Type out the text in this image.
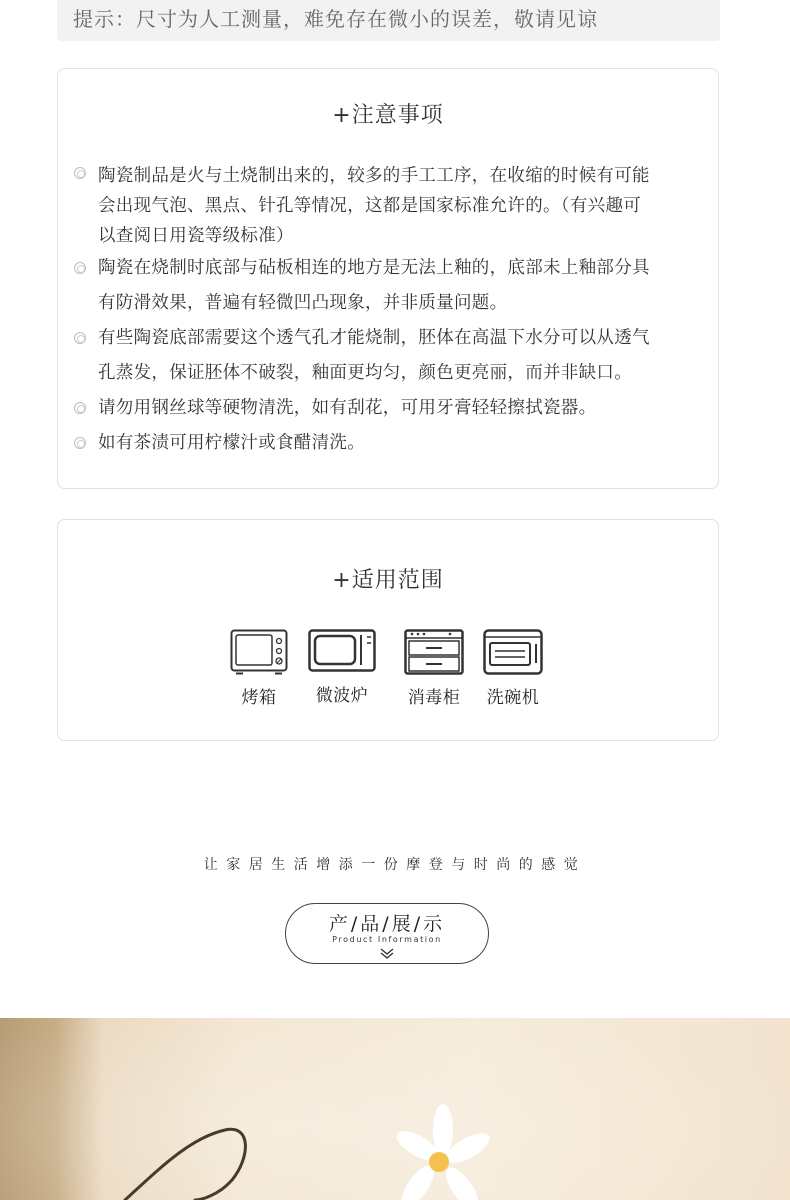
提示：尺寸为人工测量，难免存在微小的误差，敬请见谅
+注意事项
陶瓷制品是火与土烧制出来的，较多的手工工序，在收缩的时候有可能
会出现气泡、黑点、针孔等情况，这都是国家标准允许的。（有兴趣可
以查阅日用瓷等级标准）
陶瓷在烧制时底部与砧板相连的地方是无法上釉的，底部未上釉部分具
有防滑效果，普遍有轻微凹凸现象，并非质量问题。
有些陶瓷底部需要这个透气孔才能烧制，胚体在高温下水分可以从透气
孔蒸发，保证胚体不破裂，釉面更均匀，颜色更亮丽，而并非缺口。
请勿用钢丝球等硬物清洗，如有刮花，可用牙膏轻轻擦拭瓷器。
如有茶渍可用柠檬汁或食醋清洗。
+适用范围
烤箱	微波炉	消毒柜	洗碗机
让家居生活增添一份摩登与时尚的感觉
产/品/展/示
Product Information
